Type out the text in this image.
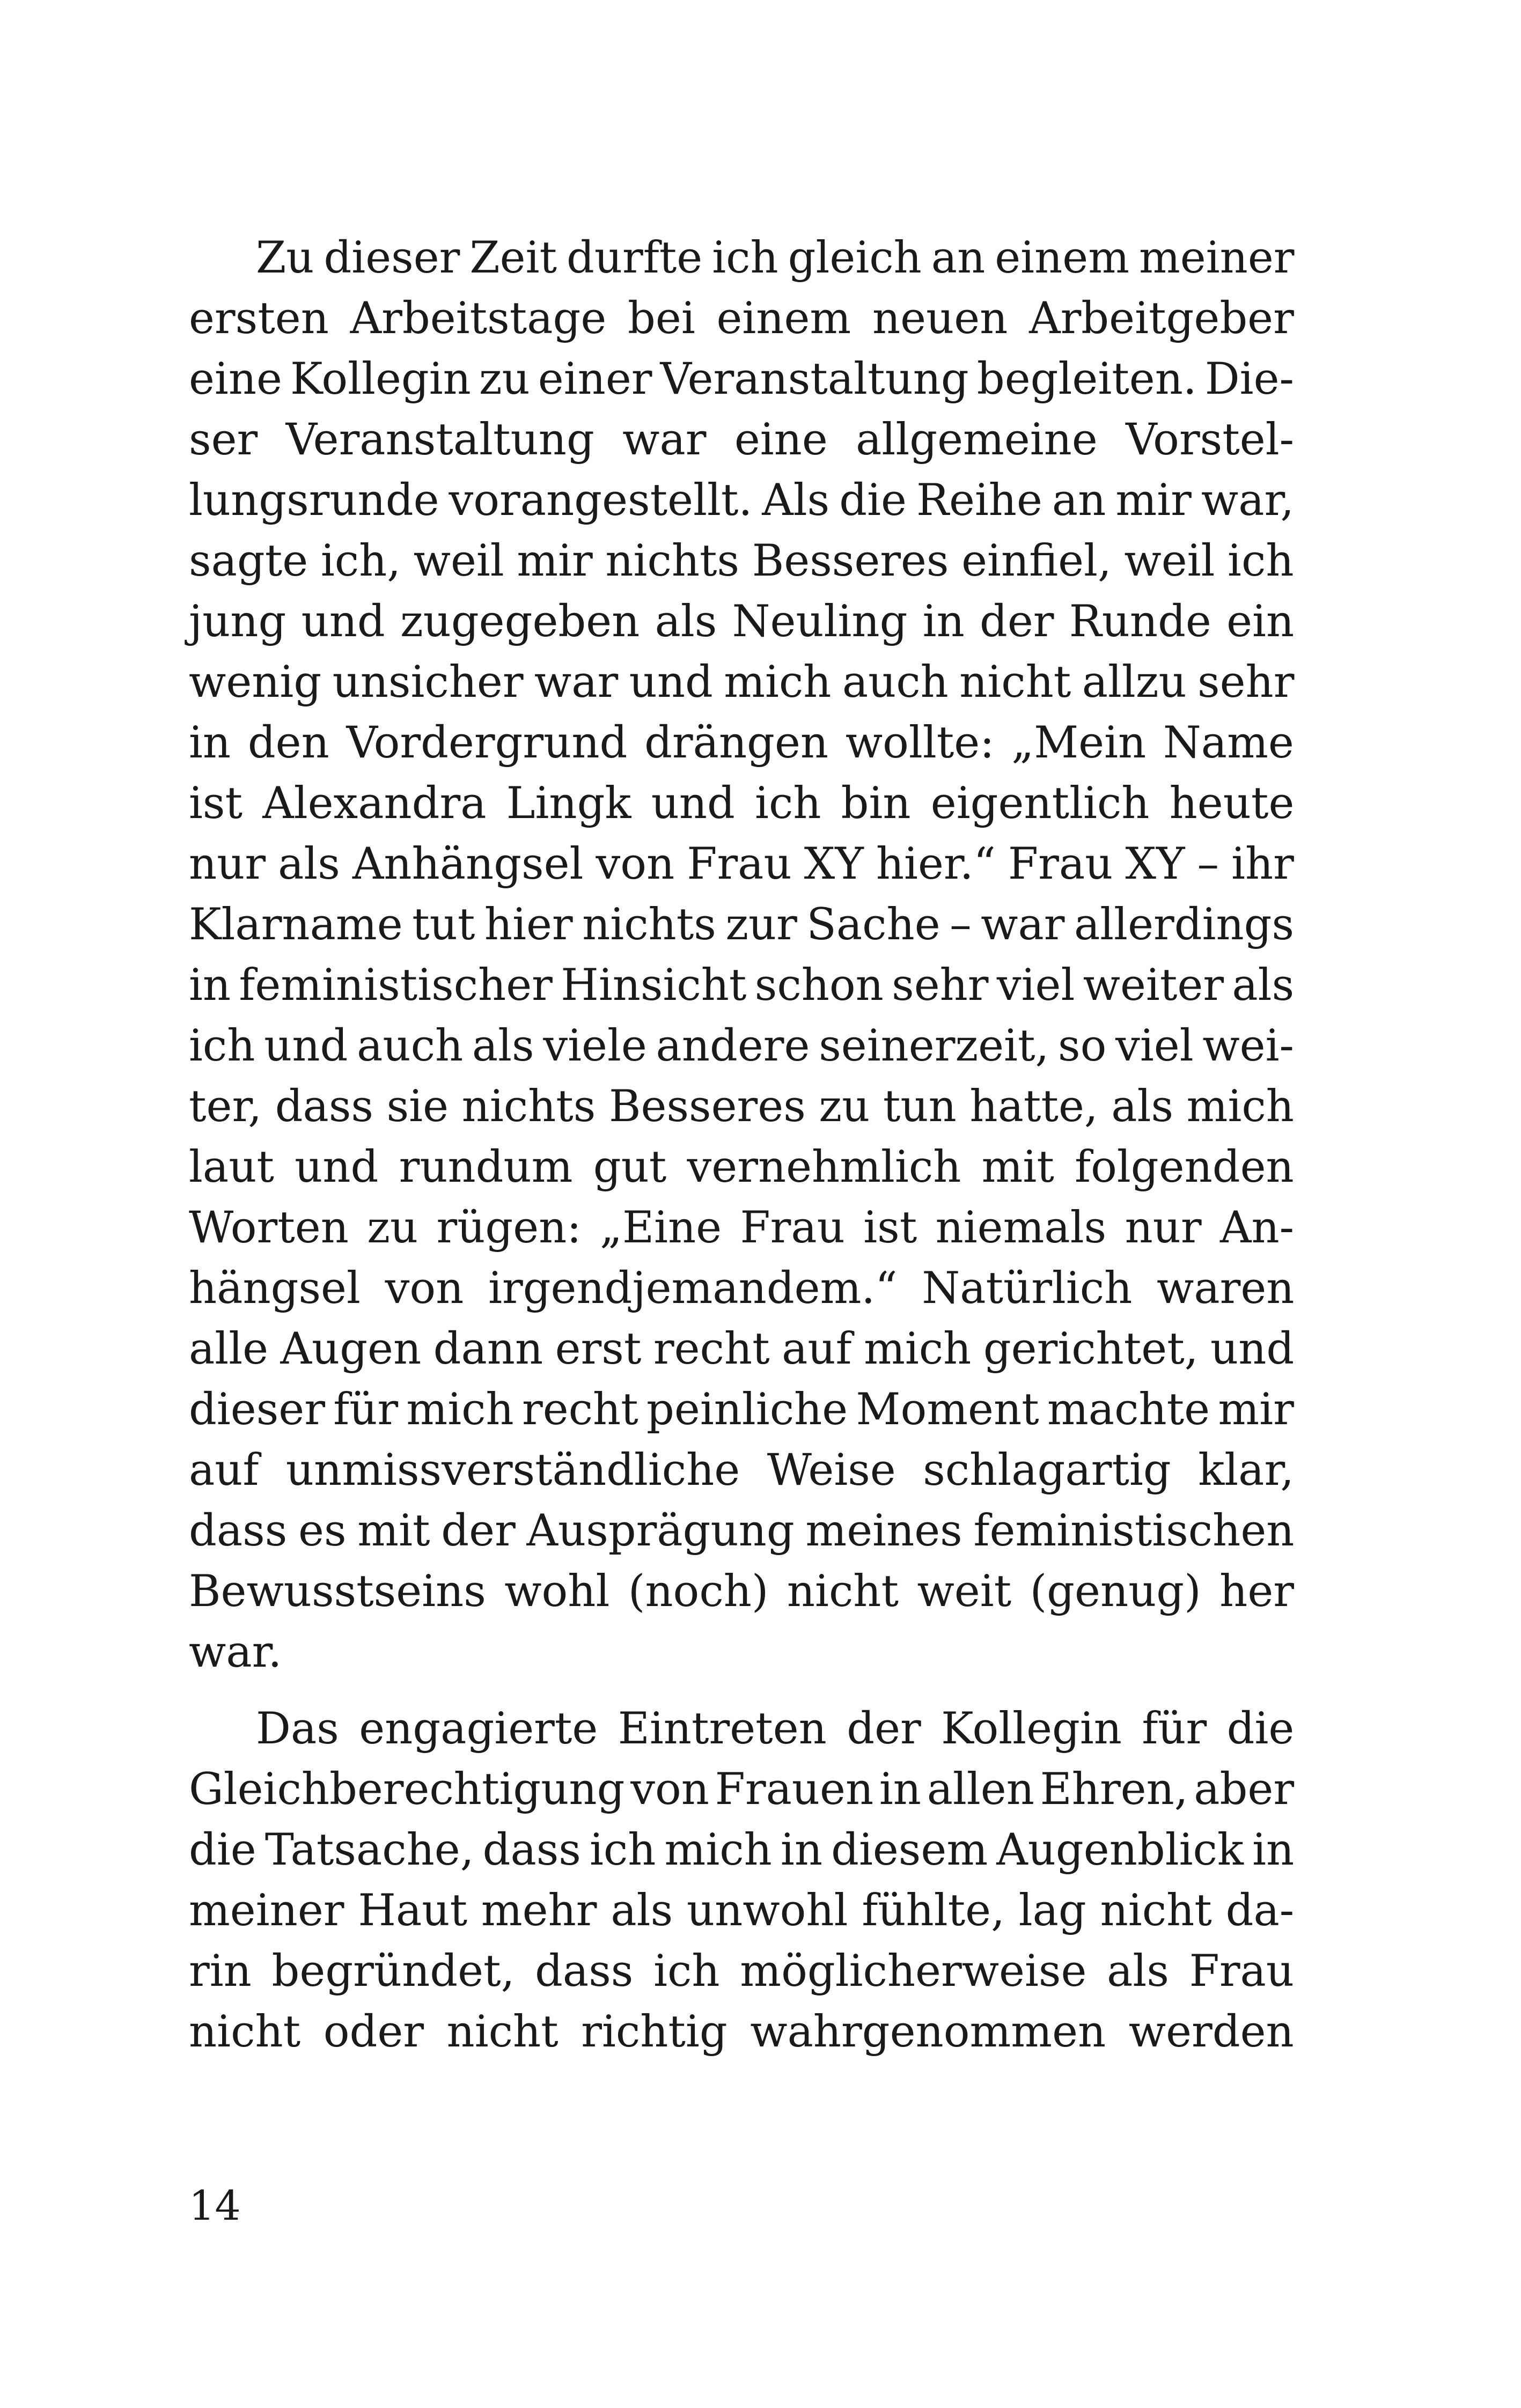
Zu dieser Zeit durfte ich gleich an einem meiner
ersten Arbeitstage bei einem neuen Arbeitgeber
eine Kollegin zu einer Veranstaltung begleiten. Die-
ser Veranstaltung war eine allgemeine Vorstel-
lungsrunde vorangestellt. Als die Reihe an mir war,
sagte ich, weil mir nichts Besseres einfiel, weil ich
jung und zugegeben als Neuling in der Runde ein
wenig unsicher war und mich auch nicht allzu sehr
in den Vordergrund drängen wollte: „Mein Name
ist Alexandra Lingk und ich bin eigentlich heute
nur als Anhängsel von Frau XY hier.“ Frau XY – ihr
Klarname tut hier nichts zur Sache – war allerdings
in feministischer Hinsicht schon sehr viel weiter als
ich und auch als viele andere seinerzeit, so viel wei-
ter, dass sie nichts Besseres zu tun hatte, als mich
laut und rundum gut vernehmlich mit folgenden
Worten zu rügen: „Eine Frau ist niemals nur An-
hängsel von irgendjemandem.“ Natürlich waren
alle Augen dann erst recht auf mich gerichtet, und
dieser für mich recht peinliche Moment machte mir
auf unmissverständliche Weise schlagartig klar,
dass es mit der Ausprägung meines feministischen
Bewusstseins wohl (noch) nicht weit (genug) her
war.
Das engagierte Eintreten der Kollegin für die
Gleichberechtigung von Frauen in allen Ehren, aber
die Tatsache, dass ich mich in diesem Augenblick in
meiner Haut mehr als unwohl fühlte, lag nicht da-
rin begründet, dass ich möglicherweise als Frau
nicht oder nicht richtig wahrgenommen werden
14
